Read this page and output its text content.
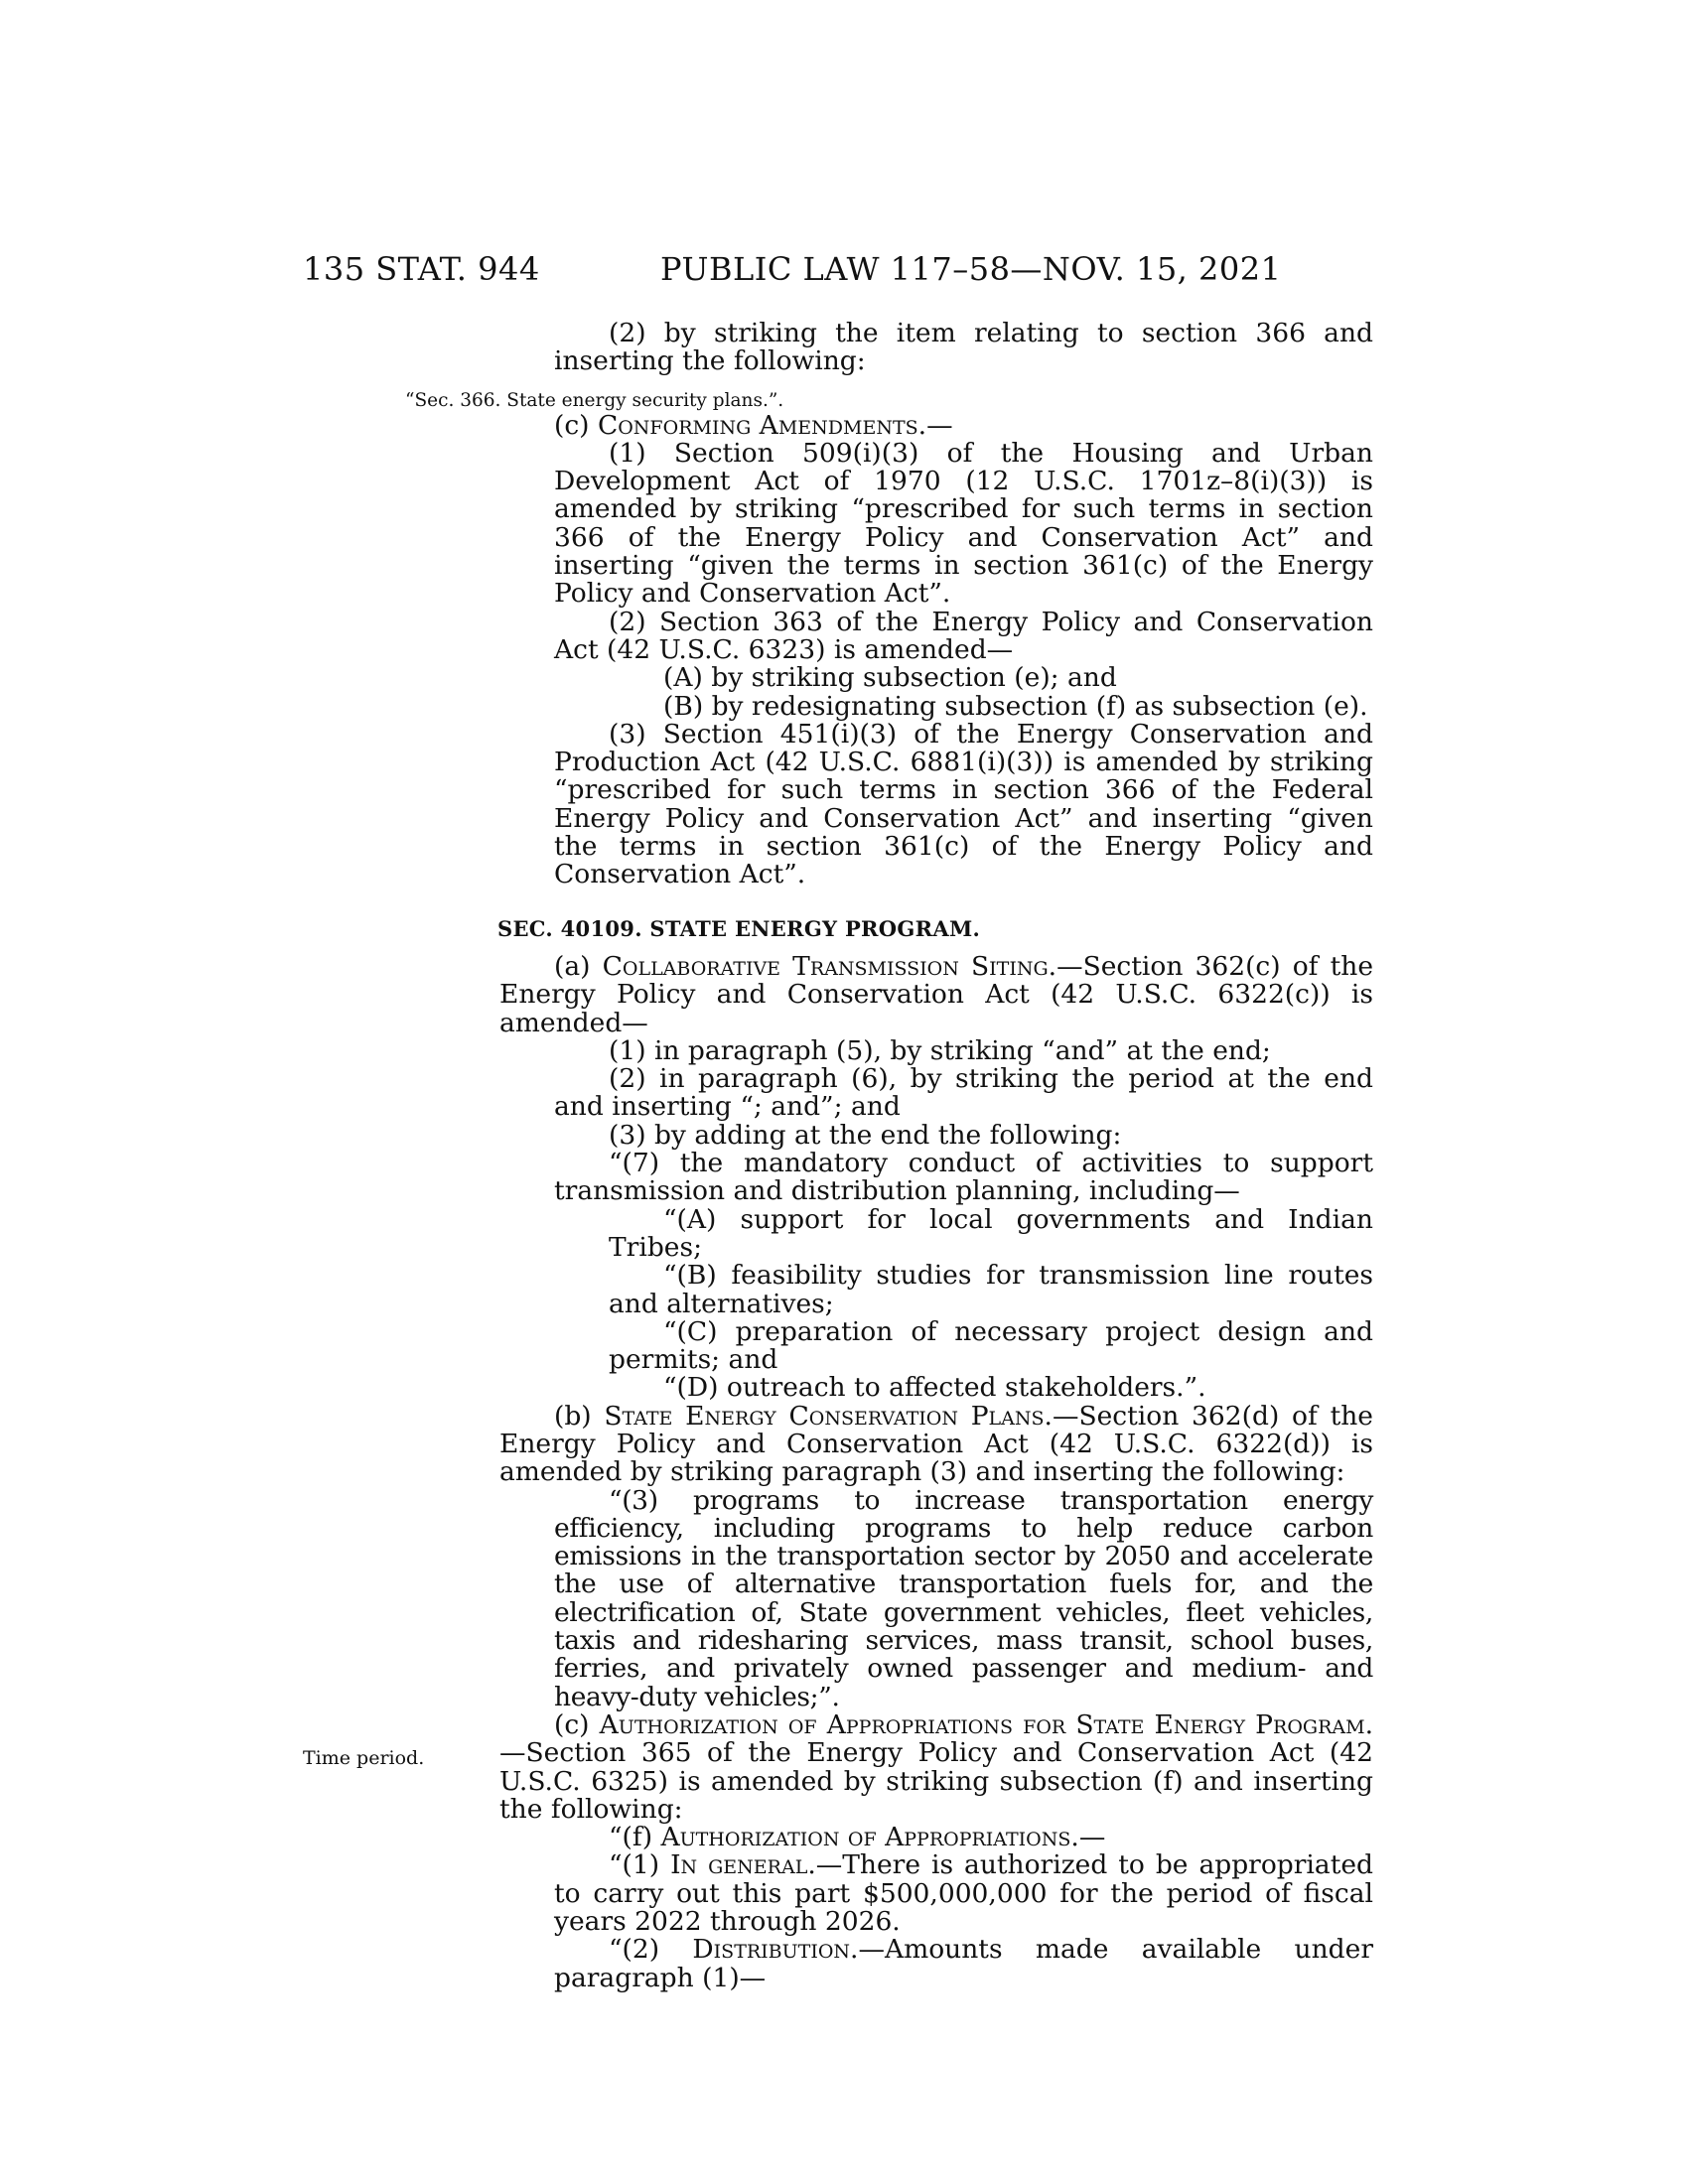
135 STAT. 944	PUBLIC LAW 117–58—NOV. 15, 2021
Time period.

(2) by striking the item relating to section 366 and inserting the following:

“Sec. 366. State energy security plans.”.

(c) Conforming Amendments.—

(1) Section 509(i)(3) of the Housing and Urban Development Act of 1970 (12 U.S.C. 1701z–8(i)(3)) is amended by striking “prescribed for such terms in section 366 of the Energy Policy and Conservation Act” and inserting “given the terms in section 361(c) of the Energy Policy and Conservation Act”.

(2) Section 363 of the Energy Policy and Conservation Act (42 U.S.C. 6323) is amended—

(A) by striking subsection (e); and

(B) by redesignating subsection (f) as subsection (e).

(3) Section 451(i)(3) of the Energy Conservation and Production Act (42 U.S.C. 6881(i)(3)) is amended by striking “prescribed for such terms in section 366 of the Federal Energy Policy and Conservation Act” and inserting “given the terms in section 361(c) of the Energy Policy and Conservation Act”.

SEC. 40109. STATE ENERGY PROGRAM.

(a) Collaborative Transmission Siting.—Section 362(c) of the Energy Policy and Conservation Act (42 U.S.C. 6322(c)) is amended—

(1) in paragraph (5), by striking “and” at the end;

(2) in paragraph (6), by striking the period at the end and inserting “; and”; and

(3) by adding at the end the following:

“(7) the mandatory conduct of activities to support transmission and distribution planning, including—

“(A) support for local governments and Indian Tribes;

“(B) feasibility studies for transmission line routes and alternatives;

“(C) preparation of necessary project design and permits; and

“(D) outreach to affected stakeholders.”.

(b) State Energy Conservation Plans.—Section 362(d) of the Energy Policy and Conservation Act (42 U.S.C. 6322(d)) is amended by striking paragraph (3) and inserting the following:

“(3) programs to increase transportation energy efficiency, including programs to help reduce carbon emissions in the transportation sector by 2050 and accelerate the use of alternative transportation fuels for, and the electrification of, State government vehicles, fleet vehicles, taxis and ridesharing services, mass transit, school buses, ferries, and privately owned passenger and medium- and heavy-duty vehicles;”.

(c) Authorization of Appropriations for State Energy Program.—Section 365 of the Energy Policy and Conservation Act (42 U.S.C. 6325) is amended by striking subsection (f) and inserting the following:

“(f) Authorization of Appropriations.—

“(1) In general.—There is authorized to be appropriated to carry out this part $500,000,000 for the period of fiscal years 2022 through 2026.

“(2) Distribution.—Amounts made available under paragraph (1)—
